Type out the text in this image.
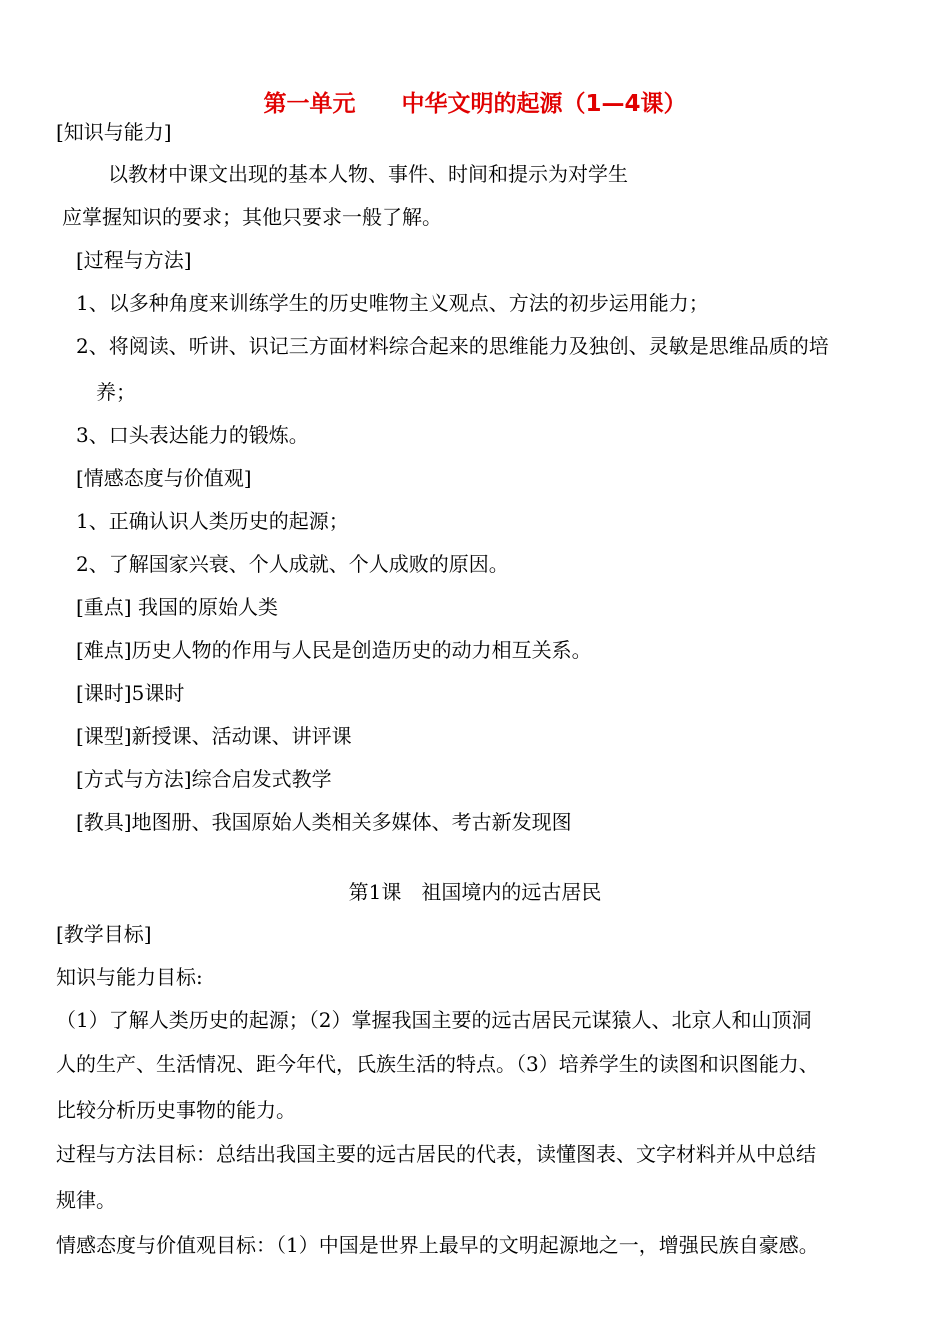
第一单元　　中华文明的起源（1—4课）
[知识与能力]
以教材中课文出现的基本人物、事件、时间和提示为对学生
应掌握知识的要求；其他只要求一般了解。
[过程与方法]
1、以多种角度来训练学生的历史唯物主义观点、方法的初步运用能力；
2、将阅读、听讲、识记三方面材料综合起来的思维能力及独创、灵敏是思维品质的培
养；
3、口头表达能力的锻炼。
[情感态度与价值观]
1、正确认识人类历史的起源；
2、了解国家兴衰、个人成就、个人成败的原因。
[重点] 我国的原始人类
[难点]历史人物的作用与人民是创造历史的动力相互关系。
[课时]5课时
[课型]新授课、活动课、讲评课
[方式与方法]综合启发式教学
[教具]地图册、我国原始人类相关多媒体、考古新发现图
第1课　祖国境内的远古居民
[教学目标]
知识与能力目标:
（1）了解人类历史的起源；（2）掌握我国主要的远古居民元谋猿人、北京人和山顶洞
人的生产、生活情况、距今年代，氏族生活的特点。（3）培养学生的读图和识图能力、
比较分析历史事物的能力。
过程与方法目标：总结出我国主要的远古居民的代表，读懂图表、文字材料并从中总结
规律。
情感态度与价值观目标：（1）中国是世界上最早的文明起源地之一，增强民族自豪感。
